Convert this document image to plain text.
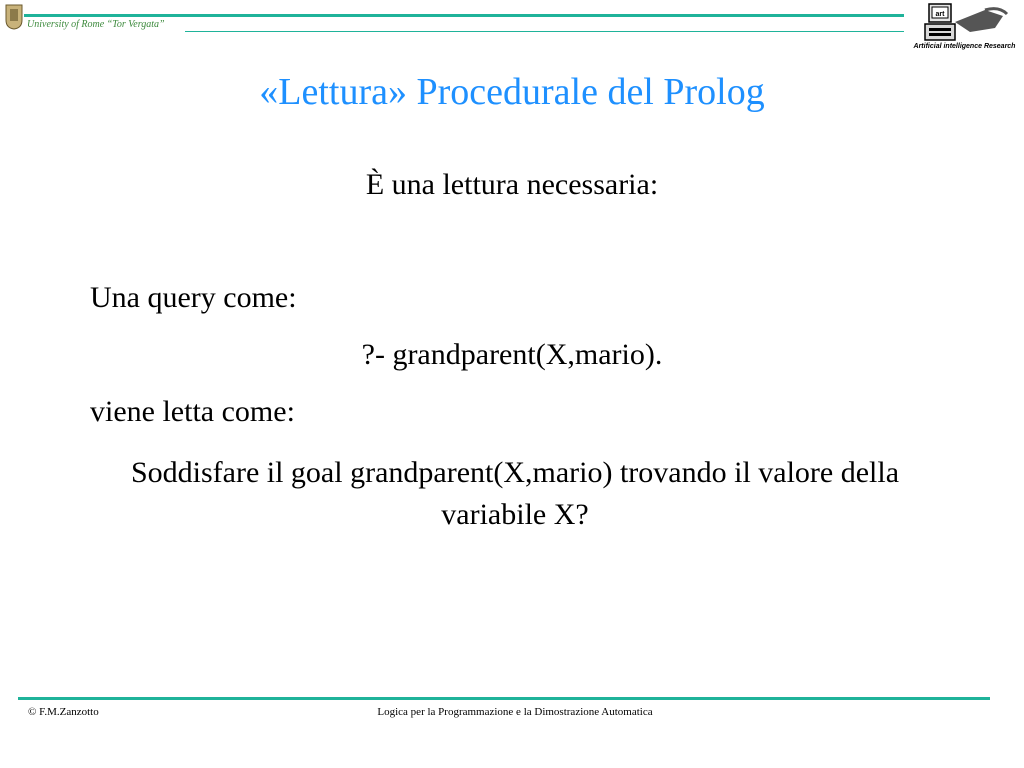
University of Rome “Tor Vergata”
art
Artificial intelligence Research
«Lettura» Procedurale del Prolog
È una lettura necessaria:
Una query come:
?- grandparent(X,mario).
viene letta come:
Soddisfare il goal grandparent(X,mario) trovando il valore della variabile X?
© F.M.Zanzotto	Logica per la Programmazione e la Dimostrazione Automatica
